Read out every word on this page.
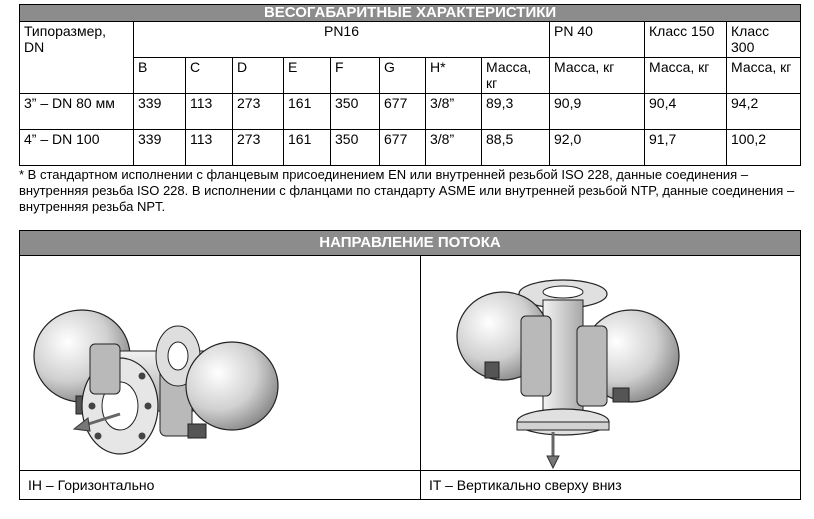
ВЕСОГАБАРИТНЫЕ ХАРАКТЕРИСТИКИ											
Типоразмер, DN	PN16								PN 40	Класс 150	Класс 300
	B	C	D	E	F	G	H*	Масса, кг	Масса, кг	Масса, кг	Масса, кг
3” – DN 80 мм	339	113	273	161	350	677	3/8”	89,3	90,9	90,4	94,2
4” – DN 100	339	113	273	161	350	677	3/8”	88,5	92,0	91,7	100,2
* В стандартном исполнении с фланцевым присоединением EN или внутренней резьбой ISO 228, данные соединения – внутренняя резьба ISO 228. В исполнении с фланцами по стандарту ASME или внутренней резьбой NTP, данные соединения – внутренняя резьба NPT.
НАПРАВЛЕНИЕ ПОТОКА	

IH – Горизонтально	IT – Вертикально сверху вниз
